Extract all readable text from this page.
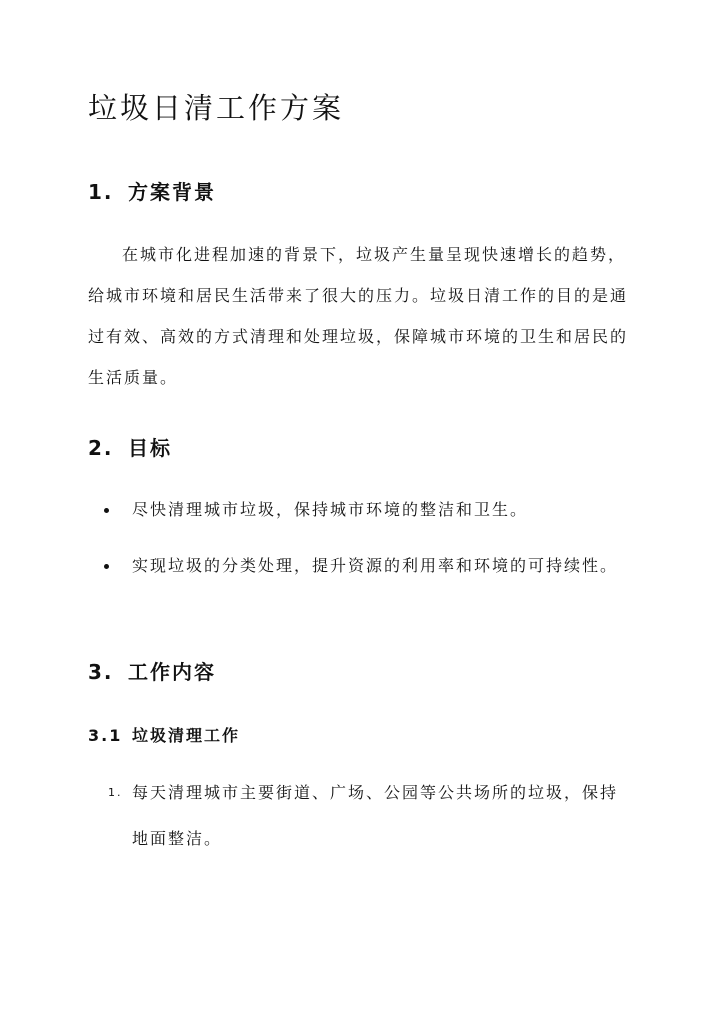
垃圾日清工作方案
1. 方案背景

在城市化进程加速的背景下，垃圾产生量呈现快速增长的趋势，给城市环境和居民生活带来了很大的压力。垃圾日清工作的目的是通过有效、高效的方式清理和处理垃圾，保障城市环境的卫生和居民的生活质量。

2. 目标
尽快清理城市垃圾，保持城市环境的整洁和卫生。
实现垃圾的分类处理，提升资源的利用率和环境的可持续性。
3. 工作内容
3.1 垃圾清理工作
1. 每天清理城市主要街道、广场、公园等公共场所的垃圾，保持地面整洁。
